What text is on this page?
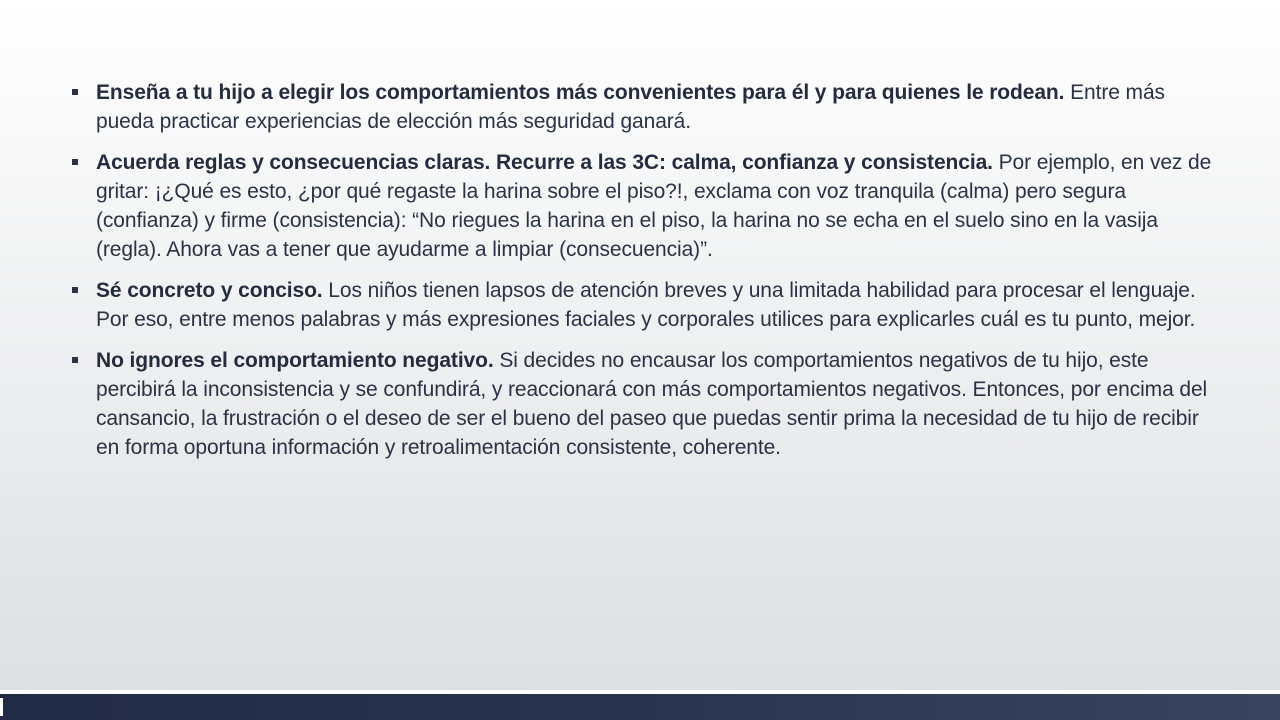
Enseña a tu hijo a elegir los comportamientos más convenientes para él y para quienes le rodean. Entre más pueda practicar experiencias de elección más seguridad ganará.
Acuerda reglas y consecuencias claras. Recurre a las 3C: calma, confianza y consistencia. Por ejemplo, en vez de gritar: ¡¿Qué es esto, ¿por qué regaste la harina sobre el piso?!, exclama con voz tranquila (calma) pero segura (confianza) y firme (consistencia): “No riegues la harina en el piso, la harina no se echa en el suelo sino en la vasija (regla). Ahora vas a tener que ayudarme a limpiar (consecuencia)”.
Sé concreto y conciso. Los niños tienen lapsos de atención breves y una limitada habilidad para procesar el lenguaje. Por eso, entre menos palabras y más expresiones faciales y corporales utilices para explicarles cuál es tu punto, mejor.
No ignores el comportamiento negativo. Si decides no encausar los comportamientos negativos de tu hijo, este percibirá la inconsistencia y se confundirá, y reaccionará con más comportamientos negativos. Entonces, por encima del cansancio, la frustración o el deseo de ser el bueno del paseo que puedas sentir prima la necesidad de tu hijo de recibir en forma oportuna información y retroalimentación consistente, coherente.
